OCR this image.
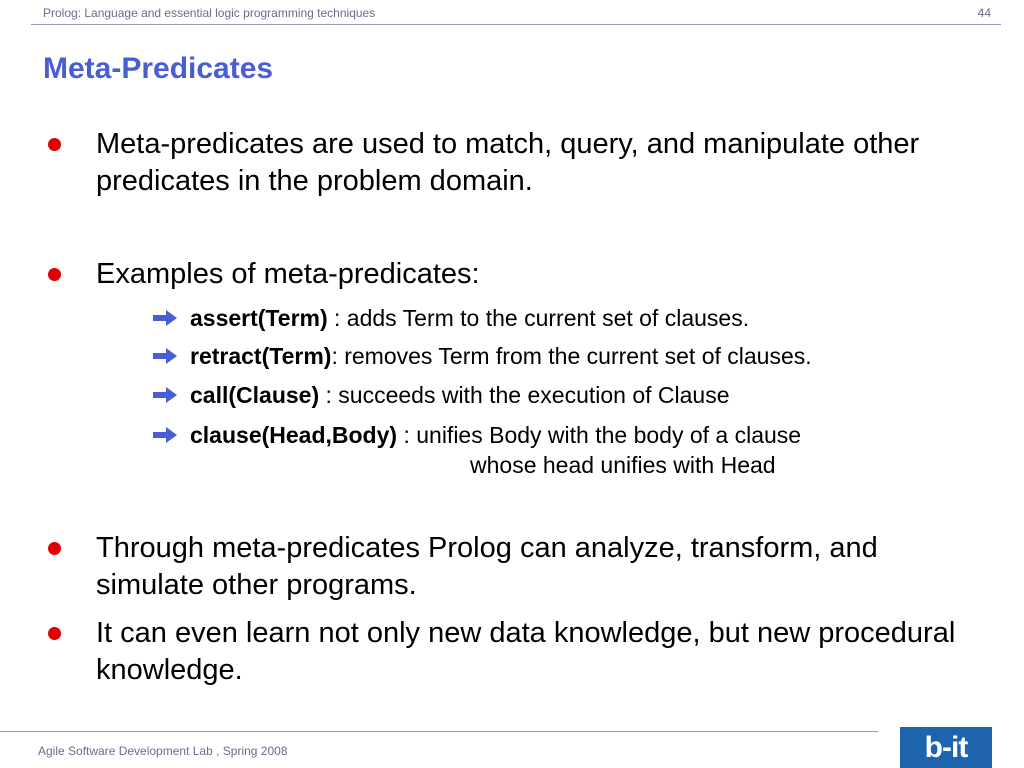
Prolog: Language and essential logic programming techniques	44
Meta-Predicates
Meta-predicates are used to match, query, and manipulate other predicates in the problem domain.
Examples of meta-predicates:
assert(Term) : adds Term to the current set of clauses.
retract(Term): removes Term from the current set of clauses.
call(Clause) : succeeds with the execution of Clause
clause(Head,Body) : unifies Body with the body of a clause
whose head unifies with Head
Through meta-predicates Prolog can analyze, transform, and simulate other programs.
It can even learn not only new data knowledge, but new procedural knowledge.
Agile Software Development Lab , Spring 2008	b-it
